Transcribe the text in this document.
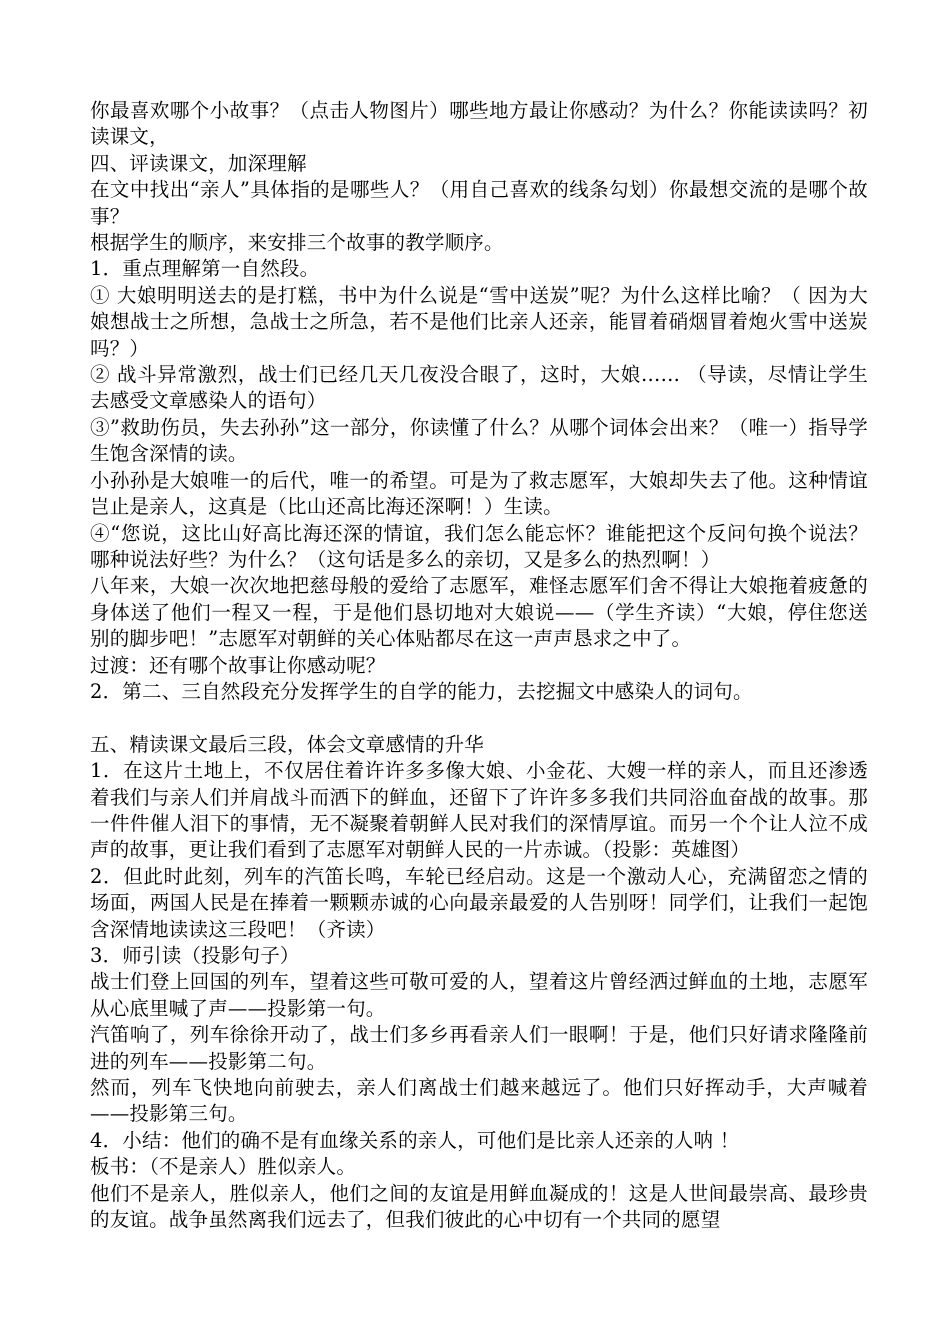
你最喜欢哪个小故事？（点击人物图片）哪些地方最让你感动？为什么？你能读读吗？初读课文，

四、评读课文，加深理解

在文中找出“亲人”具体指的是哪些人？（用自己喜欢的线条勾划）你最想交流的是哪个故事？

根据学生的顺序，来安排三个故事的教学顺序。

1．重点理解第一自然段。

① 大娘明明送去的是打糕，书中为什么说是“雪中送炭”呢？为什么这样比喻？（ 因为大娘想战士之所想，急战士之所急，若不是他们比亲人还亲，能冒着硝烟冒着炮火雪中送炭吗？）

② 战斗异常激烈，战士们已经几天几夜没合眼了，这时，大娘…… （导读，尽情让学生去感受文章感染人的语句）

③”救助伤员，失去孙孙”这一部分，你读懂了什么？从哪个词体会出来？（唯一）指导学生饱含深情的读。

小孙孙是大娘唯一的后代，唯一的希望。可是为了救志愿军，大娘却失去了他。这种情谊岂止是亲人，这真是（比山还高比海还深啊！）生读。

④“您说，这比山好高比海还深的情谊，我们怎么能忘怀？谁能把这个反问句换个说法？哪种说法好些？为什么？（这句话是多么的亲切，又是多么的热烈啊！）

八年来，大娘一次次地把慈母般的爱给了志愿军，难怪志愿军们舍不得让大娘拖着疲惫的身体送了他们一程又一程，于是他们恳切地对大娘说——（学生齐读）“大娘，停住您送别的脚步吧！”志愿军对朝鲜的关心体贴都尽在这一声声恳求之中了。

过渡：还有哪个故事让你感动呢？

2．第二、三自然段充分发挥学生的自学的能力，去挖掘文中感染人的词句。

五、精读课文最后三段，体会文章感情的升华

1．在这片土地上，不仅居住着许许多多像大娘、小金花、大嫂一样的亲人，而且还渗透着我们与亲人们并肩战斗而洒下的鲜血，还留下了许许多多我们共同浴血奋战的故事。那一件件催人泪下的事情，无不凝聚着朝鲜人民对我们的深情厚谊。而另一个个让人泣不成声的故事，更让我们看到了志愿军对朝鲜人民的一片赤诚。（投影：英雄图）

2．但此时此刻，列车的汽笛长鸣，车轮已经启动。这是一个激动人心，充满留恋之情的场面，两国人民是在捧着一颗颗赤诚的心向最亲最爱的人告别呀！同学们，让我们一起饱含深情地读读这三段吧！（齐读）

3．师引读（投影句子）

战士们登上回国的列车，望着这些可敬可爱的人，望着这片曾经洒过鲜血的土地，志愿军从心底里喊了声——投影第一句。

汽笛响了，列车徐徐开动了，战士们多乡再看亲人们一眼啊！于是，他们只好请求隆隆前进的列车——投影第二句。

然而，列车飞快地向前驶去，亲人们离战士们越来越远了。他们只好挥动手，大声喊着——投影第三句。

4．小结：他们的确不是有血缘关系的亲人，可他们是比亲人还亲的人呐 ！

板书：（不是亲人）胜似亲人。

他们不是亲人，胜似亲人，他们之间的友谊是用鲜血凝成的！这是人世间最崇高、最珍贵的友谊。战争虽然离我们远去了，但我们彼此的心中切有一个共同的愿望
